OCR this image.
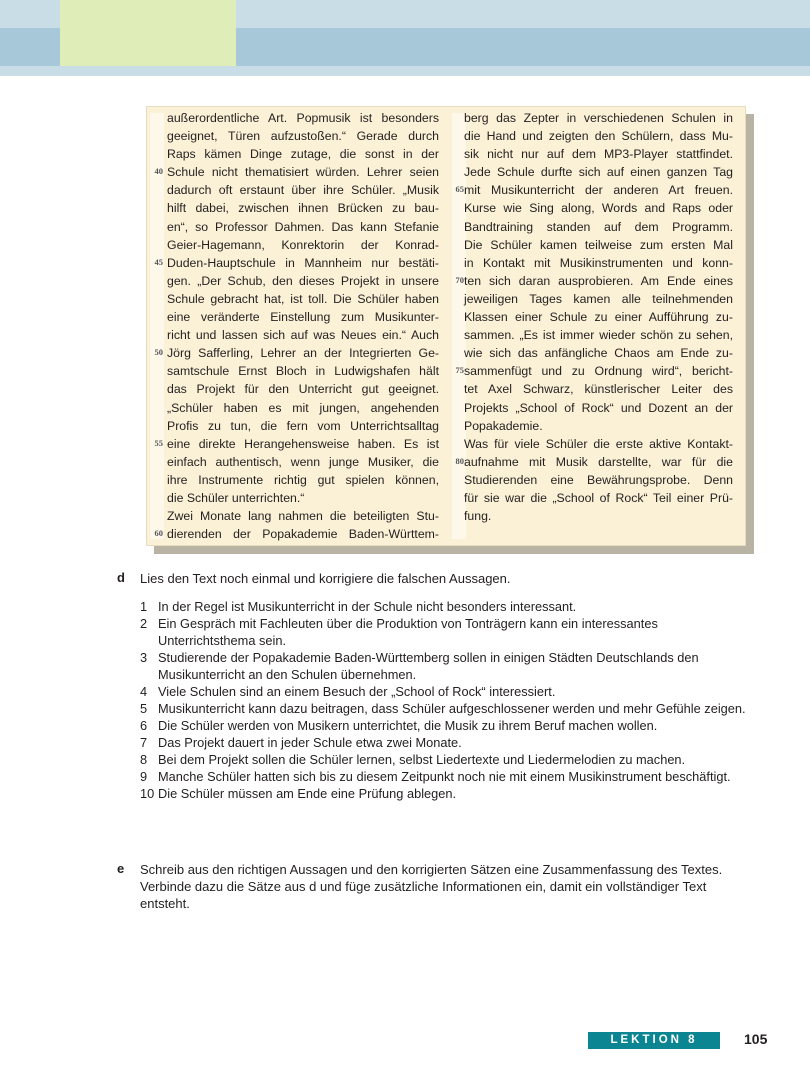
außerordentliche Art. Popmusik ist besonders
geeignet, Türen aufzustoßen.“ Gerade durch
Raps kämen Dinge zutage, die sonst in der
Schule nicht thematisiert würden. Lehrer seien
dadurch oft erstaunt über ihre Schüler. „Musik
hilft dabei, zwischen ihnen Brücken zu bau-
en“, so Professor Dahmen. Das kann Stefanie
Geier-Hagemann, Konrektorin der Konrad-
Duden-Hauptschule in Mannheim nur bestäti-
gen. „Der Schub, den dieses Projekt in unsere
Schule gebracht hat, ist toll. Die Schüler haben
eine veränderte Einstellung zum Musikunter-
richt und lassen sich auf was Neues ein.“ Auch
Jörg Safferling, Lehrer an der Integrierten Ge-
samtschule Ernst Bloch in Ludwigshafen hält
das Projekt für den Unterricht gut geeignet.
„Schüler haben es mit jungen, angehenden
Profis zu tun, die fern vom Unterrichtsalltag
eine direkte Herangehensweise haben. Es ist
einfach authentisch, wenn junge Musiker, die
ihre Instrumente richtig gut spielen können,
die Schüler unterrichten.“
Zwei Monate lang nahmen die beteiligten Stu-
dierenden der Popakademie Baden-Württem-
berg das Zepter in verschiedenen Schulen in
die Hand und zeigten den Schülern, dass Mu-
sik nicht nur auf dem MP3-Player stattfindet.
Jede Schule durfte sich auf einen ganzen Tag
mit Musikunterricht der anderen Art freuen.
Kurse wie Sing along, Words and Raps oder
Bandtraining standen auf dem Programm.
Die Schüler kamen teilweise zum ersten Mal
in Kontakt mit Musikinstrumenten und konn-
ten sich daran ausprobieren. Am Ende eines
jeweiligen Tages kamen alle teilnehmenden
Klassen einer Schule zu einer Aufführung zu-
sammen. „Es ist immer wieder schön zu sehen,
wie sich das anfängliche Chaos am Ende zu-
sammenfügt und zu Ordnung wird“, bericht-
tet Axel Schwarz, künstlerischer Leiter des
Projekts „School of Rock“ und Dozent an der
Popakademie.
Was für viele Schüler die erste aktive Kontakt-
aufnahme mit Musik darstellte, war für die
Studierenden eine Bewährungsprobe. Denn
für sie war die „School of Rock“ Teil einer Prü-
fung.
40
45
50
55
60
65
70
75
80
d Lies den Text noch einmal und korrigiere die falschen Aussagen.
1 In der Regel ist Musikunterricht in der Schule nicht besonders interessant.
2 Ein Gespräch mit Fachleuten über die Produktion von Tonträgern kann ein interessantes Unterrichtsthema sein.
3 Studierende der Popakademie Baden-Württemberg sollen in einigen Städten Deutschlands den Musikunterricht an den Schulen übernehmen.
4 Viele Schulen sind an einem Besuch der „School of Rock“ interessiert.
5 Musikunterricht kann dazu beitragen, dass Schüler aufgeschlossener werden und mehr Gefühle zeigen.
6 Die Schüler werden von Musikern unterrichtet, die Musik zu ihrem Beruf machen wollen.
7 Das Projekt dauert in jeder Schule etwa zwei Monate.
8 Bei dem Projekt sollen die Schüler lernen, selbst Liedertexte und Liedermelodien zu machen.
9 Manche Schüler hatten sich bis zu diesem Zeitpunkt noch nie mit einem Musikinstrument beschäftigt.
10 Die Schüler müssen am Ende eine Prüfung ablegen.
e Schreib aus den richtigen Aussagen und den korrigierten Sätzen eine Zusammenfassung des Textes. Verbinde dazu die Sätze aus d und füge zusätzliche Informationen ein, damit ein vollständiger Text entsteht.
LEKTION 8	105
